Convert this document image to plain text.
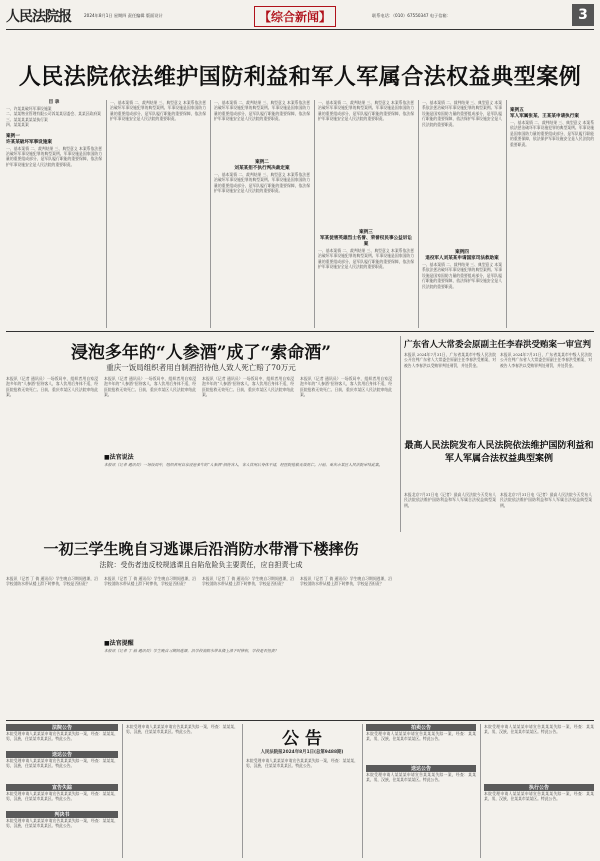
人民法院报	2024年8月1日 星期四 责任编辑 版面设计	【综合新闻】	联系电话：（010）67550347 电子信箱：	3
人民法院依法维护国防利益和军人军属合法权益典型案例
目 录
一、许某某破坏军事设施案
二、某某物业管理有限公司诉某某居委会、某某区政府案
三、某某某某某某执行案
四、某某某案
案例一
许某某破坏军事设施案
一、基本案情 二、裁判结果 三、典型意义 本案系依法惩治破坏军事设施犯罪的典型案例。军事设施是国家国防力量的重要组成部分，是军队履行职能的重要保障，依法保护军事设施安全是人民法院的重要职责。
一、基本案情 二、裁判结果 三、典型意义 本案系依法惩治破坏军事设施犯罪的典型案例。军事设施是国家国防力量的重要组成部分，是军队履行职能的重要保障，依法保护军事设施安全是人民法院的重要职责。
一、基本案情 二、裁判结果 三、典型意义 本案系依法惩治破坏军事设施犯罪的典型案例。军事设施是国家国防力量的重要组成部分，是军队履行职能的重要保障，依法保护军事设施安全是人民法院的重要职责。
案例二
刘某某拒不执行判决裁定案
一、基本案情 二、裁判结果 三、典型意义 本案系依法惩治破坏军事设施犯罪的典型案例。军事设施是国家国防力量的重要组成部分，是军队履行职能的重要保障，依法保护军事设施安全是人民法院的重要职责。
一、基本案情 二、裁判结果 三、典型意义 本案系依法惩治破坏军事设施犯罪的典型案例。军事设施是国家国防力量的重要组成部分，是军队履行职能的重要保障，依法保护军事设施安全是人民法院的重要职责。
案例三
军某徒害英雄烈士名誉、荣誉权民事公益诉讼案
一、基本案情 二、裁判结果 三、典型意义 本案系依法惩治破坏军事设施犯罪的典型案例。军事设施是国家国防力量的重要组成部分，是军队履行职能的重要保障，依法保护军事设施安全是人民法院的重要职责。
一、基本案情 二、裁判结果 三、典型意义 本案系依法惩治破坏军事设施犯罪的典型案例。军事设施是国家国防力量的重要组成部分，是军队履行职能的重要保障，依法保护军事设施安全是人民法院的重要职责。
案例四
退役军人刘某某申请国家司法救助案
一、基本案情 二、裁判结果 三、典型意义 本案系依法惩治破坏军事设施犯罪的典型案例。军事设施是国家国防力量的重要组成部分，是军队履行职能的重要保障，依法保护军事设施安全是人民法院的重要职责。
案例五
军人军属张某、王某某申请执行案
一、基本案情 二、裁判结果 三、典型意义 本案系依法惩治破坏军事设施犯罪的典型案例。军事设施是国家国防力量的重要组成部分，是军队履行职能的重要保障，依法保护军事设施安全是人民法院的重要职责。
浸泡多年的“人参酒”成了“索命酒”
重庆一饭局组织者用自制酒招待他人致人死亡赔了70万元
本报讯（记者 通讯员）一场饭局中，组织者用自家浸泡多年的“人参酒”招待客人，客人饮用后身体不适，经医院抢救无效死亡。日前，重庆市某区人民法院审结此案。
本报讯（记者 通讯员）一场饭局中，组织者用自家浸泡多年的“人参酒”招待客人，客人饮用后身体不适，经医院抢救无效死亡。日前，重庆市某区人民法院审结此案。
本报讯（记者 通讯员）一场饭局中，组织者用自家浸泡多年的“人参酒”招待客人，客人饮用后身体不适，经医院抢救无效死亡。日前，重庆市某区人民法院审结此案。
本报讯（记者 通讯员）一场饭局中，组织者用自家浸泡多年的“人参酒”招待客人，客人饮用后身体不适，经医院抢救无效死亡。日前，重庆市某区人民法院审结此案。
■法官说法
本报讯（记者 通讯员）一场饭局中，组织者用自家浸泡多年的“人参酒”招待客人，客人饮用后身体不适，经医院抢救无效死亡。日前，重庆市某区人民法院审结此案。
广东省人大常委会原副主任李春洪受贿案一审宣判
本报讯 2024年7月31日，广东省某某市中级人民法院公开宣判广东省人大常委会原副主任李春洪受贿案，对被告人李春洪以受贿罪判处刑罚，并处罚金。
本报讯 2024年7月31日，广东省某某市中级人民法院公开宣判广东省人大常委会原副主任李春洪受贿案，对被告人李春洪以受贿罪判处刑罚，并处罚金。
最高人民法院发布人民法院依法维护国防利益和军人军属合法权益典型案例
本报北京7月31日电（记者）最高人民法院今天发布人民法院依法维护国防利益和军人军属合法权益典型案例。
本报北京7月31日电（记者）最高人民法院今天发布人民法院依法维护国防利益和军人军属合法权益典型案例。
一初三学生晚自习逃课后沿消防水带滑下楼摔伤
法院：受伤者违反校规逃课且自陷危险负主要责任，应自担责七成
本报讯（记者 丁 倩 通讯员）学生晚自习期间逃课，沿学校消防水带从楼上滑下时摔伤，学校是否担责？
本报讯（记者 丁 倩 通讯员）学生晚自习期间逃课，沿学校消防水带从楼上滑下时摔伤，学校是否担责？
本报讯（记者 丁 倩 通讯员）学生晚自习期间逃课，沿学校消防水带从楼上滑下时摔伤，学校是否担责？
本报讯（记者 丁 倩 通讯员）学生晚自习期间逃课，沿学校消防水带从楼上滑下时摔伤，学校是否担责？
■法官提醒
本报讯（记者 丁 倩 通讯员）学生晚自习期间逃课，沿学校消防水带从楼上滑下时摔伤，学校是否担责？
法院公告
本院受理申请人某某某申请宣告某某某失踪一案，经查：某某某，男，汉族，住某某市某某区。特此公告。
送达公告
本院受理申请人某某某申请宣告某某某失踪一案，经查：某某某，男，汉族，住某某市某某区。特此公告。
宣告失踪
本院受理申请人某某某申请宣告某某某失踪一案，经查：某某某，男，汉族，住某某市某某区。特此公告。
判决书
本院受理申请人某某某申请宣告某某某失踪一案，经查：某某某，男，汉族，住某某市某某区。特此公告。
本院受理申请人某某某申请宣告某某某失踪一案，经查：某某某，男，汉族，住某某市某某区。特此公告。	公 告
人民法院报2024年8月1日(总第9488期)
本院受理申请人某某某申请宣告某某某失踪一案，经查：某某某，男，汉族，住某某市某某区。特此公告。
拍卖公告
本院受理申请人某某某申请宣告某某某失踪一案，经查：某某某，男，汉族，住某某市某某区。特此公告。
送达公告
本院受理申请人某某某申请宣告某某某失踪一案，经查：某某某，男，汉族，住某某市某某区。特此公告。
本院受理申请人某某某申请宣告某某某失踪一案，经查：某某某，男，汉族，住某某市某某区。特此公告。
执行公告
本院受理申请人某某某申请宣告某某某失踪一案，经查：某某某，男，汉族，住某某市某某区。特此公告。
